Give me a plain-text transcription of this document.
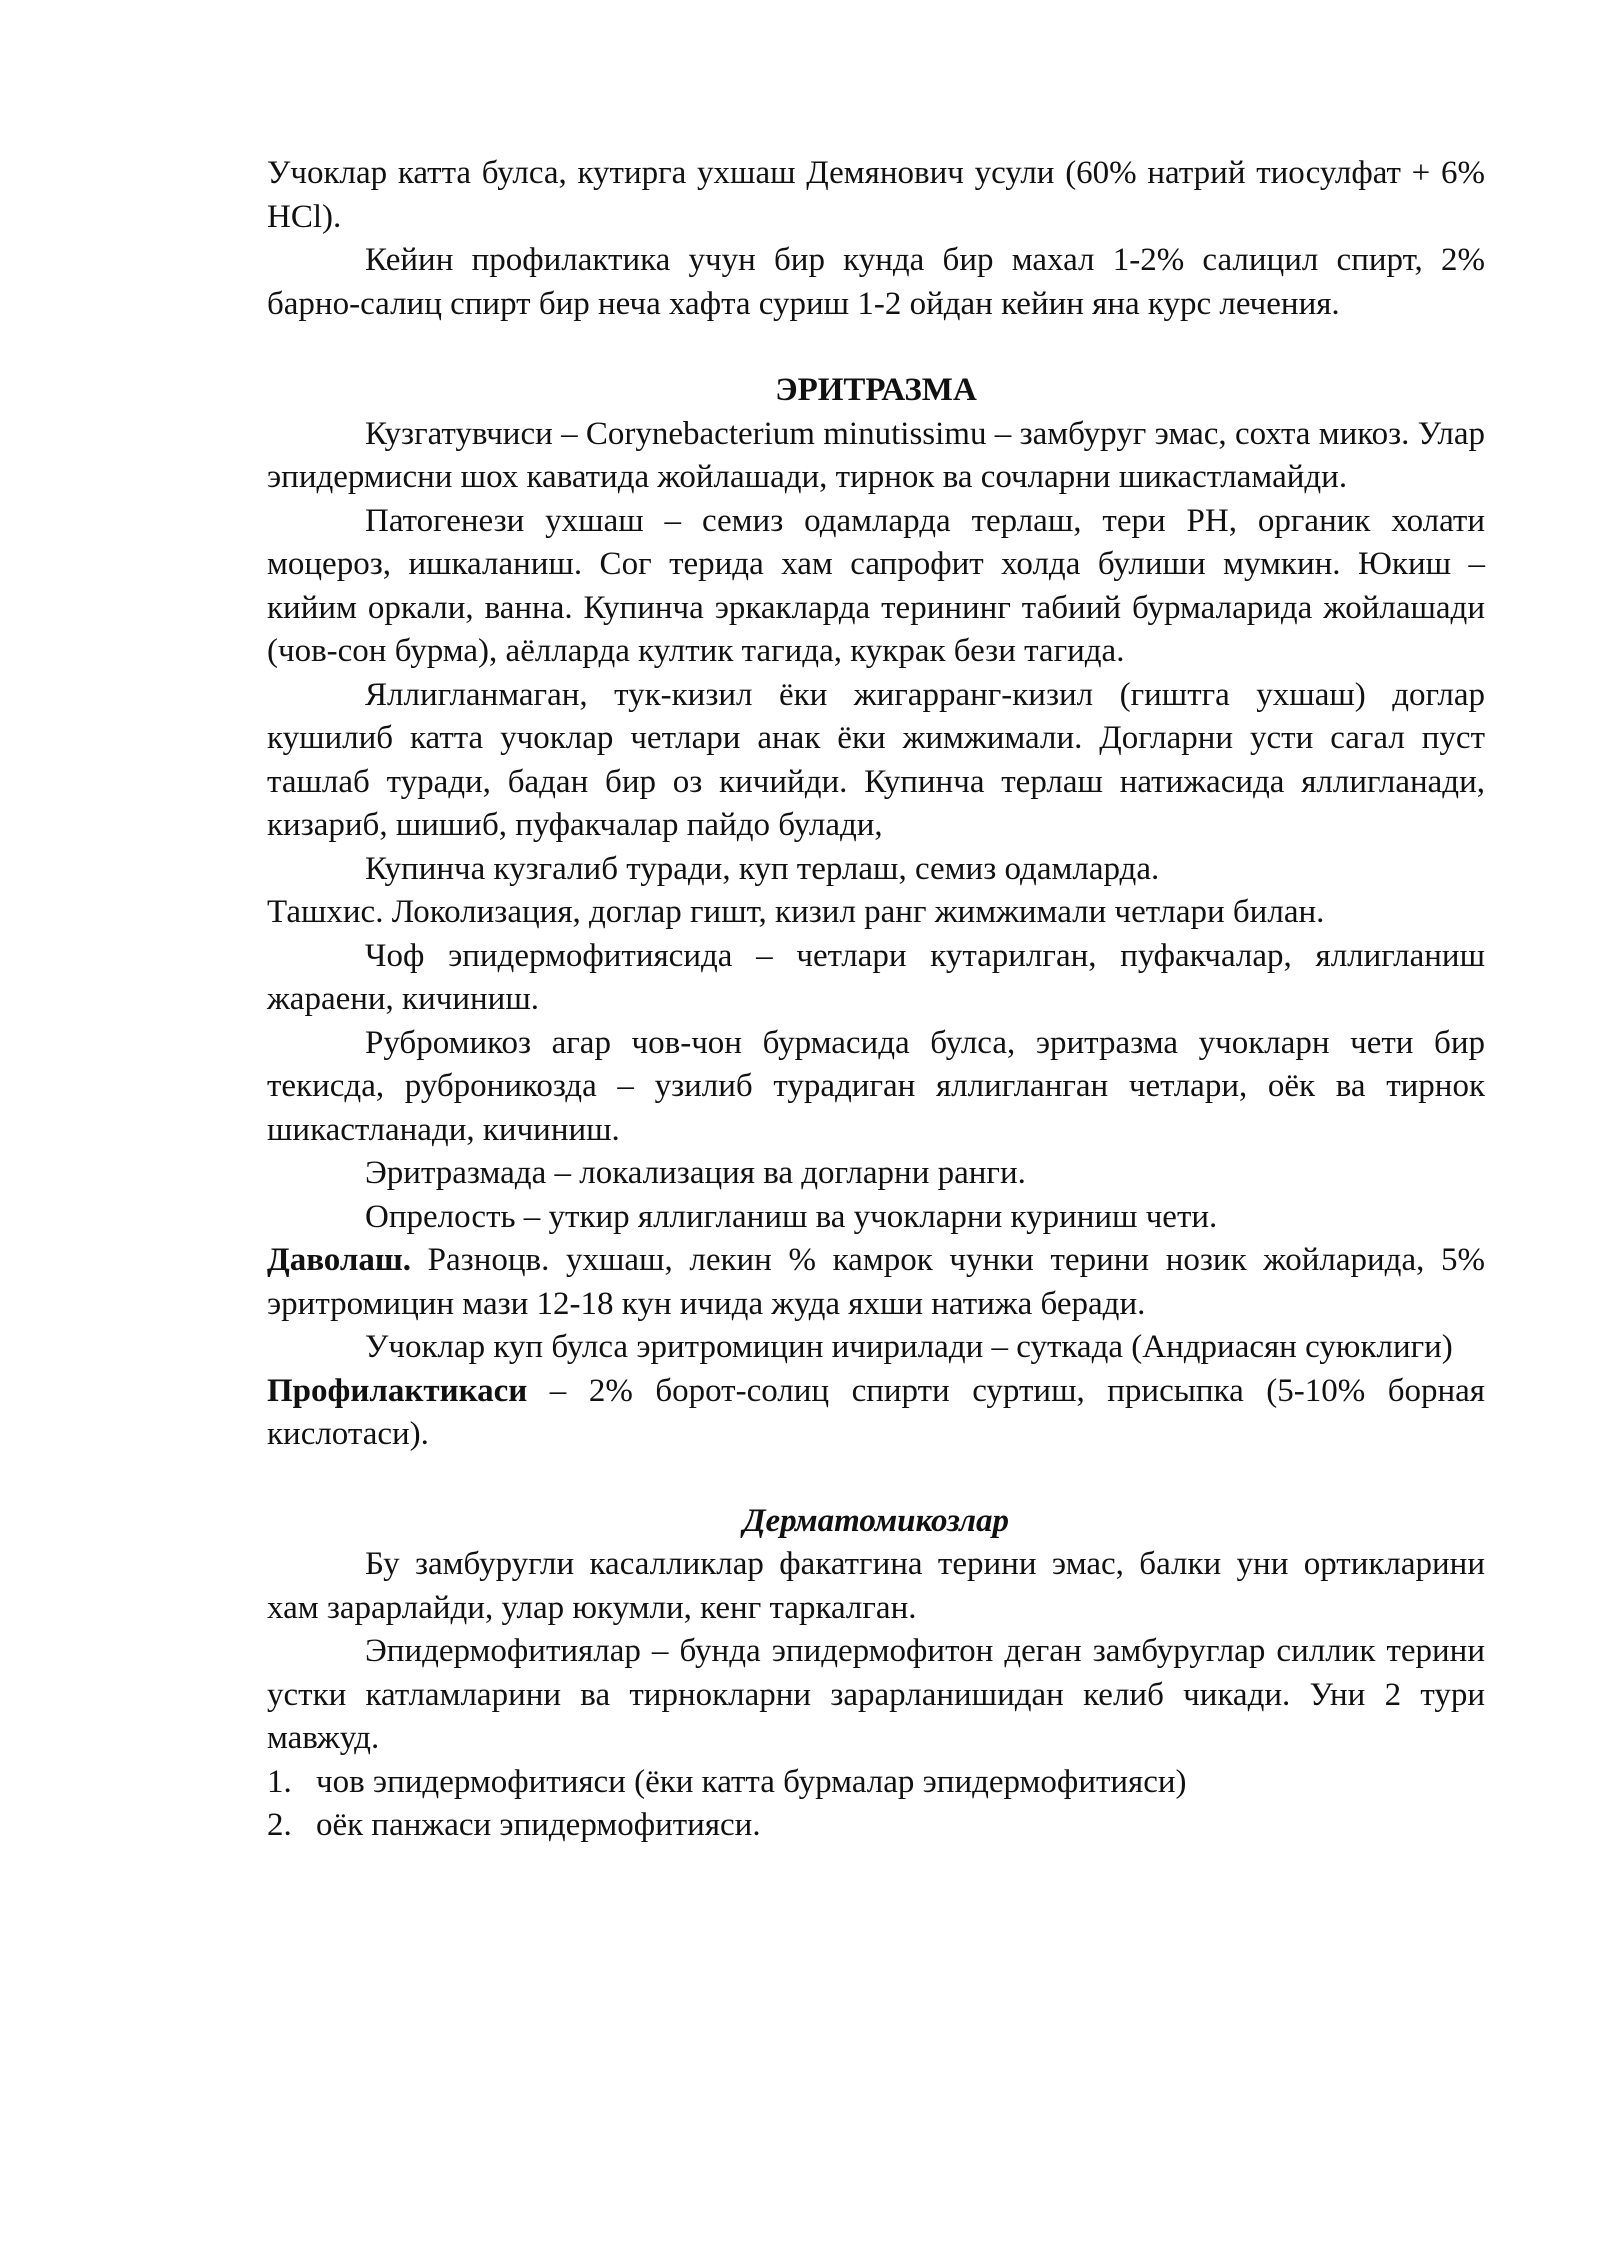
Учоклар катта булса, кутирга ухшаш Демянович усули (60% натрий тиосулфат + 6% HCl).

Кейин профилактика учун бир кунда бир махал 1-2% салицил спирт, 2% барно-салиц спирт бир неча хафта суриш 1-2 ойдан кейин яна курс лечения.

ЭРИТРАЗМА

Кузгатувчиси – Corynebacterium minutissimu – замбуруг эмас, сохта микоз. Улар эпидермисни шох каватида жойлашади, тирнок ва сочларни шикастламайди.

Патогенези ухшаш – семиз одамларда терлаш, тери PH, органик холати моцероз, ишкаланиш. Сог терида хам сапрофит холда булиши мумкин. Юкиш – кийим оркали, ванна. Купинча эркакларда терининг табиий бурмаларида жойлашади (чов-сон бурма), аёлларда култик тагида, кукрак бези тагида.

Яллигланмаган, тук-кизил ёки жигарранг-кизил (гиштга ухшаш) доглар кушилиб катта учоклар четлари анак ёки жимжимали. Догларни усти сагал пуст ташлаб туради, бадан бир оз кичийди. Купинча терлаш натижасида яллигланади, кизариб, шишиб, пуфакчалар пайдо булади,

Купинча кузгалиб туради, куп терлаш, семиз одамларда.

Ташхис. Локолизация, доглар гишт, кизил ранг жимжимали четлари билан.

Чоф эпидермофитиясида – четлари кутарилган, пуфакчалар, яллигланиш жараени, кичиниш.

Рубромикоз агар чов-чон бурмасида булса, эритразма учокларн чети бир текисда, руброникозда – узилиб турадиган яллигланган четлари, оёк ва тирнок шикастланади, кичиниш.

Эритразмада – локализация ва догларни ранги.

Опрелость – уткир яллигланиш ва учокларни куриниш чети.

Даволаш. Разноцв. ухшаш, лекин % камрок чунки терини нозик жойларида, 5% эритромицин мази 12-18 кун ичида жуда яхши натижа беради.

Учоклар куп булса эритромицин ичирилади – суткада (Андриасян суюклиги)

Профилактикаси – 2% борот-солиц спирти суртиш, присыпка (5-10% борная кислотаси).

Дерматомикозлар

Бу замбуругли касалликлар факатгина терини эмас, балки уни ортикларини хам зарарлайди, улар юкумли, кенг таркалган.

Эпидермофитиялар – бунда эпидермофитон деган замбуруглар силлик терини устки катламларини ва тирнокларни зарарланишидан келиб чикади. Уни 2 тури мавжуд.

1. чов эпидермофитияси (ёки катта бурмалар эпидермофитияси)
2. оёк панжаси эпидермофитияси.
